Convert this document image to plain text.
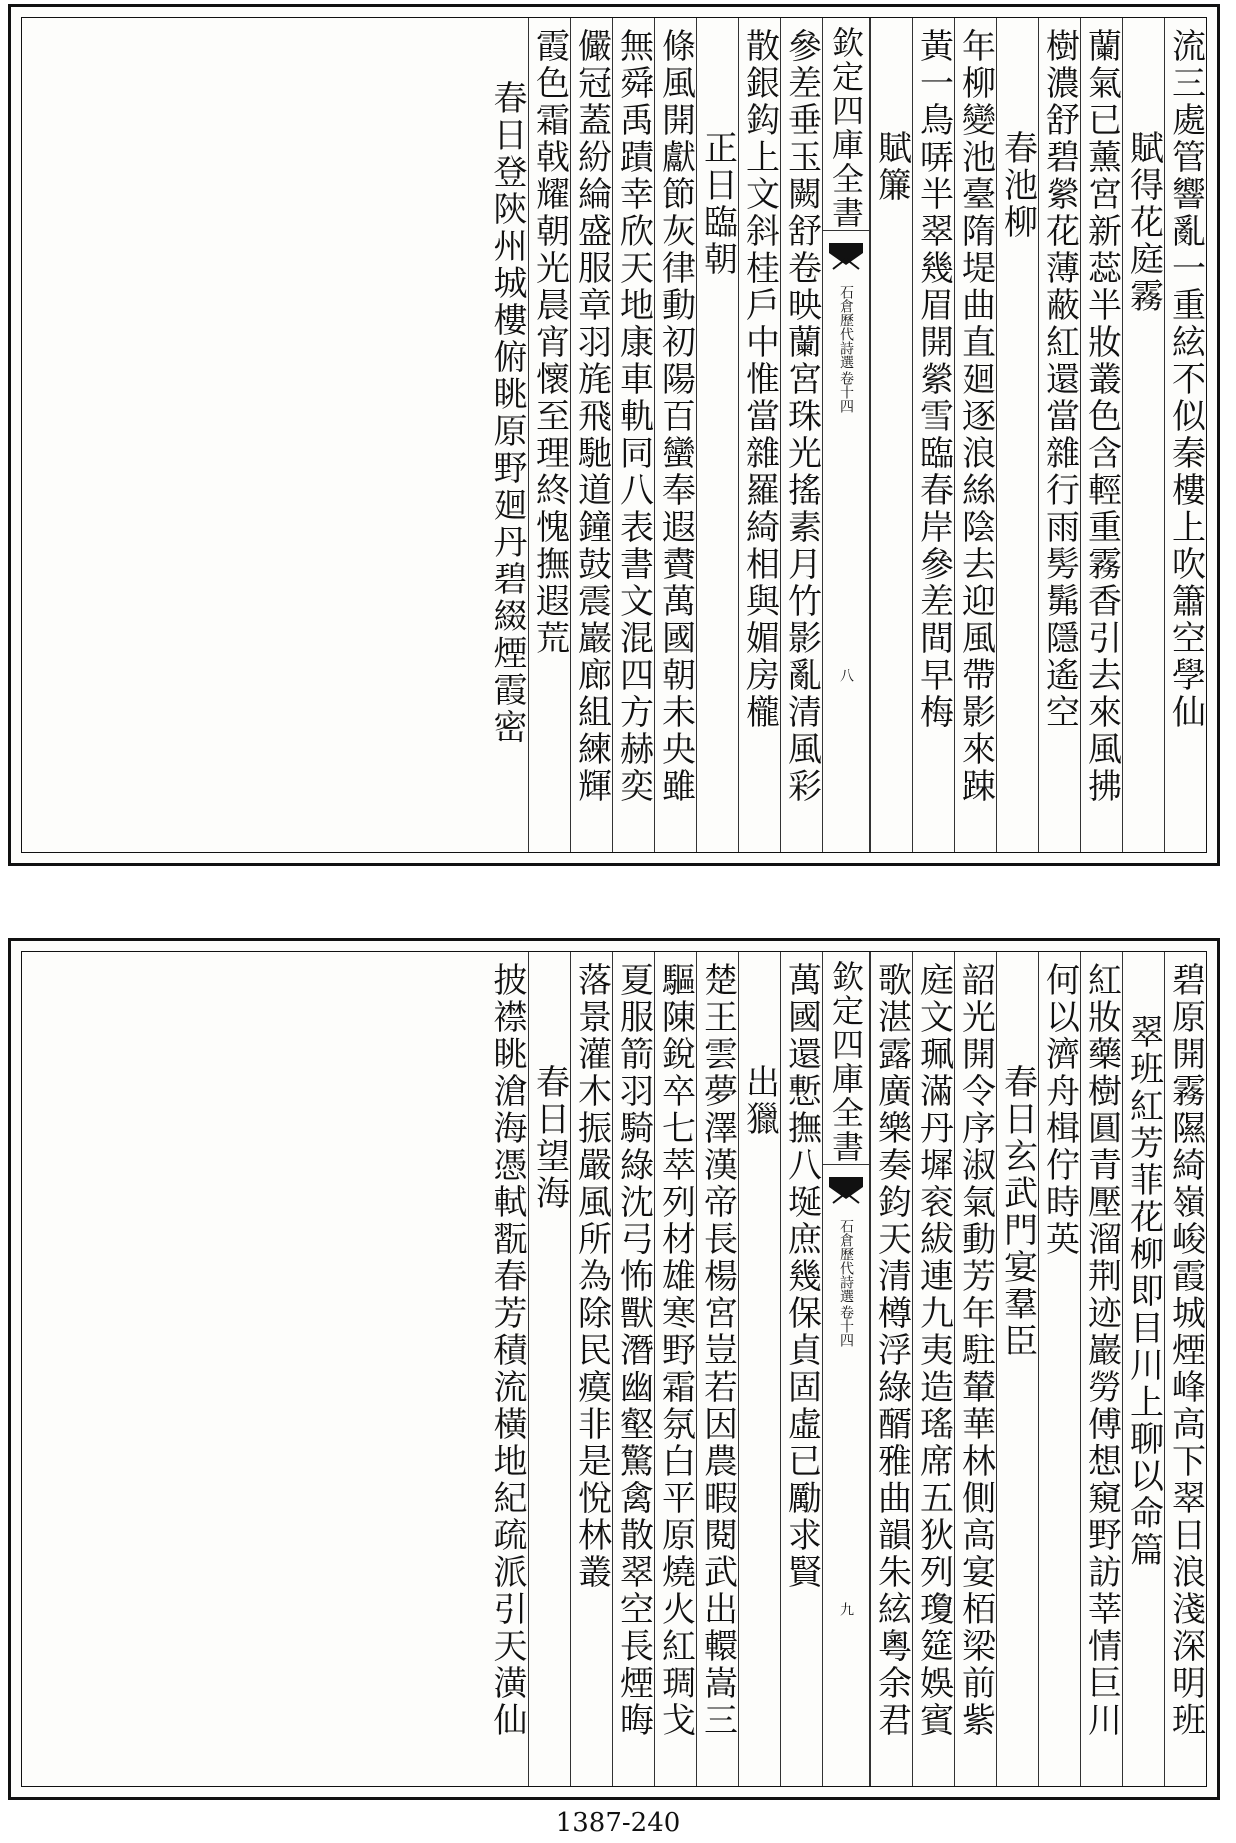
流三處管響亂一重絃不似秦樓上吹簫空學仙
賦得花庭霧
蘭氣已薰宮新蕊半妝叢色含輕重霧香引去來風拂
樹濃舒碧縈花薄蔽紅還當雜行雨髣髴隱遙空
春池柳
年柳變池臺隋堤曲直廻逐浪絲陰去迎風帶影來踈
黃一鳥哢半翠幾眉開縈雪臨春岸參差間早梅
賦簾
欽定四庫全書
石倉歷代詩選
卷十四
八
參差垂玉闕舒卷映蘭宮珠光搖素月竹影亂清風彩
散銀鈎上文斜桂戶中惟當雜羅綺相與媚房櫳
正日臨朝
條風開獻節灰律動初陽百蠻奉遐賮萬國朝未央雖
無舜禹蹟幸欣天地康車軌同八表書文混四方赫奕
儼冠蓋紛綸盛服章羽旄飛馳道鐘鼓震巖廊組練輝
霞色霜戟耀朝光晨宵懷至理終愧撫遐荒
春日登陝州城樓俯眺原野廻丹碧綴煙霞密
碧原開霧隰綺嶺峻霞城煙峰高下翠日浪淺深明班
翠班紅芳菲花柳即目川上聊以命篇
紅妝藥樹圓青壓溜荆迹巖勞傅想窺野訪莘情巨川
何以濟舟楫佇時英
春日玄武門宴羣臣
韶光開令序淑氣動芳年駐輦華林側高宴栢梁前紫
庭文珮滿丹墀衮紱連九夷造瑤席五狄列瓊筵娛賓
歌湛露廣樂奏鈞天清樽浮綠醑雅曲韻朱絃粵余君
欽定四庫全書
石倉歷代詩選
卷十四
九
萬國還慙撫八埏庶幾保貞固虛已勵求賢
出獵
楚王雲夢澤漢帝長楊宮豈若因農暇閱武出轘嵩三
驅陳銳卒七萃列材雄寒野霜氛白平原燒火紅琱戈
夏服箭羽騎綠沈弓怖獸潛幽壑驚禽散翠空長煙晦
落景灌木振嚴風所為除民瘼非是悅林叢
春日望海
披襟眺滄海憑軾翫春芳積流橫地紀疏派引天潢仙
1387-240
